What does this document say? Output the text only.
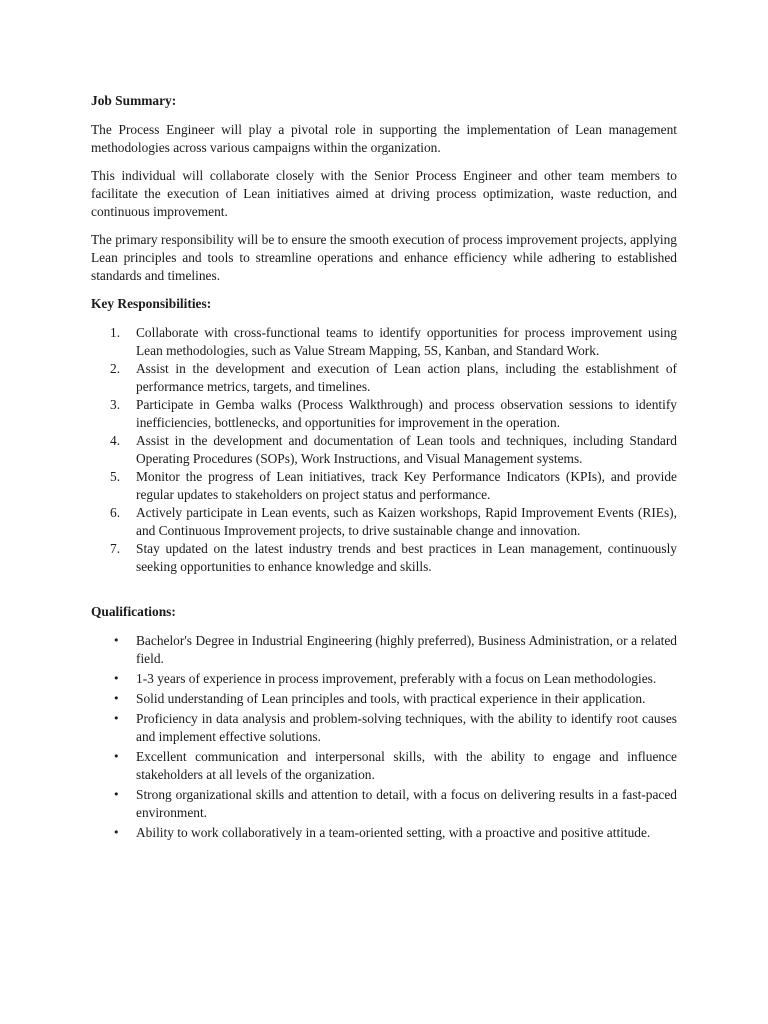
Job Summary:

The Process Engineer will play a pivotal role in supporting the implementation of Lean management methodologies across various campaigns within the organization.

This individual will collaborate closely with the Senior Process Engineer and other team members to facilitate the execution of Lean initiatives aimed at driving process optimization, waste reduction, and continuous improvement.

The primary responsibility will be to ensure the smooth execution of process improvement projects, applying Lean principles and tools to streamline operations and enhance efficiency while adhering to established standards and timelines.

Key Responsibilities:
1. Collaborate with cross-functional teams to identify opportunities for process improvement using Lean methodologies, such as Value Stream Mapping, 5S, Kanban, and Standard Work.
2. Assist in the development and execution of Lean action plans, including the establishment of performance metrics, targets, and timelines.
3. Participate in Gemba walks (Process Walkthrough) and process observation sessions to identify inefficiencies, bottlenecks, and opportunities for improvement in the operation.
4. Assist in the development and documentation of Lean tools and techniques, including Standard Operating Procedures (SOPs), Work Instructions, and Visual Management systems.
5. Monitor the progress of Lean initiatives, track Key Performance Indicators (KPIs), and provide regular updates to stakeholders on project status and performance.
6. Actively participate in Lean events, such as Kaizen workshops, Rapid Improvement Events (RIEs), and Continuous Improvement projects, to drive sustainable change and innovation.
7. Stay updated on the latest industry trends and best practices in Lean management, continuously seeking opportunities to enhance knowledge and skills.
Qualifications:
• Bachelor's Degree in Industrial Engineering (highly preferred), Business Administration, or a related field.
• 1-3 years of experience in process improvement, preferably with a focus on Lean methodologies.
• Solid understanding of Lean principles and tools, with practical experience in their application.
• Proficiency in data analysis and problem-solving techniques, with the ability to identify root causes and implement effective solutions.
• Excellent communication and interpersonal skills, with the ability to engage and influence stakeholders at all levels of the organization.
• Strong organizational skills and attention to detail, with a focus on delivering results in a fast-paced environment.
• Ability to work collaboratively in a team-oriented setting, with a proactive and positive attitude.
